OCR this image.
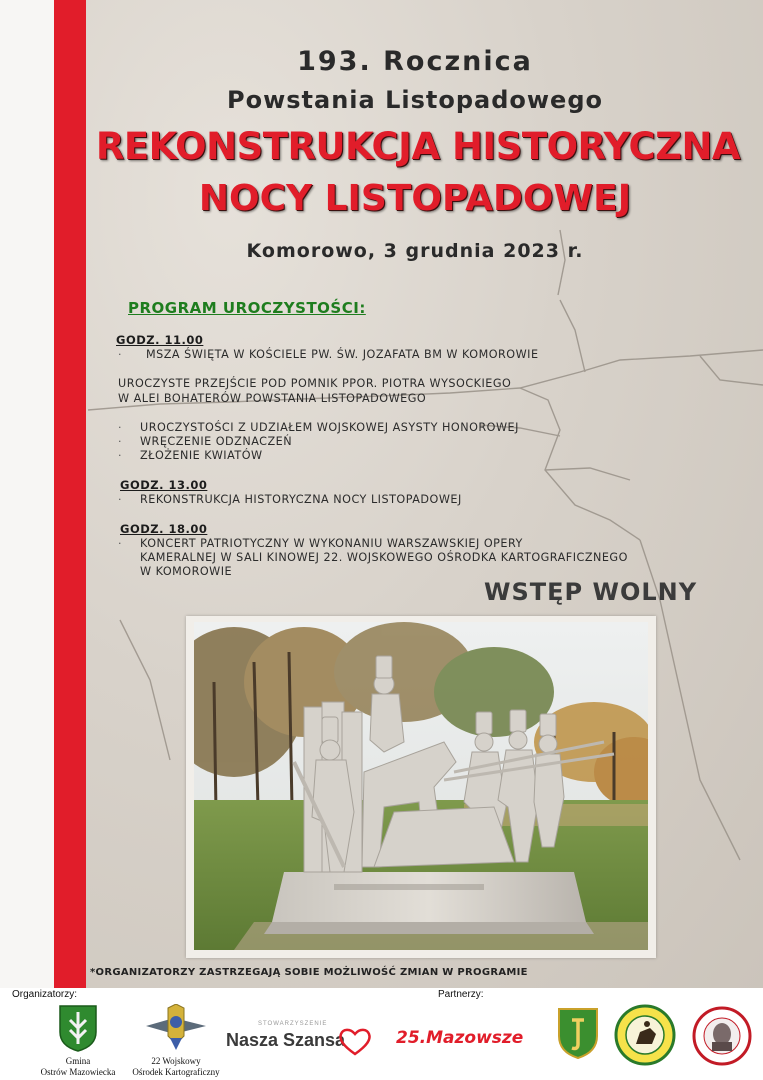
193. Rocznica
Powstania Listopadowego
REKONSTRUKCJA HISTORYCZNA
NOCY LISTOPADOWEJ
Komorowo, 3 grudnia 2023 r.
PROGRAM UROCZYSTOŚCI:
GODZ. 11.00
· MSZA ŚWIĘTA W KOŚCIELE PW. ŚW. JOZAFATA BM W KOMOROWIE
UROCZYSTE PRZEJŚCIE POD POMNIK PPOR. PIOTRA WYSOCKIEGO
W ALEI BOHATERÓW POWSTANIA LISTOPADOWEGO
· UROCZYSTOŚCI Z UDZIAŁEM WOJSKOWEJ ASYSTY HONOROWEJ
· WRĘCZENIE ODZNACZEŃ
· ZŁOŻENIE KWIATÓW
GODZ. 13.00
· REKONSTRUKCJA HISTORYCZNA NOCY LISTOPADOWEJ
GODZ. 18.00
· KONCERT PATRIOTYCZNY W WYKONANIU WARSZAWSKIEJ OPERY
KAMERALNEJ W SALI KINOWEJ 22. WOJSKOWEGO OŚRODKA KARTOGRAFICZNEGO
W KOMOROWIE
WSTĘP WOLNY
*ORGANIZATORZY ZASTRZEGAJĄ SOBIE MOŻLIWOŚĆ ZMIAN W PROGRAMIE
Organizatorzy:	Partnerzy:
Gmina
Ostrów Mazowiecka
22 Wojskowy
Ośrodek Kartograficzny
STOWARZYSZENIE
Nasza Szansa	25.Mazowsze
